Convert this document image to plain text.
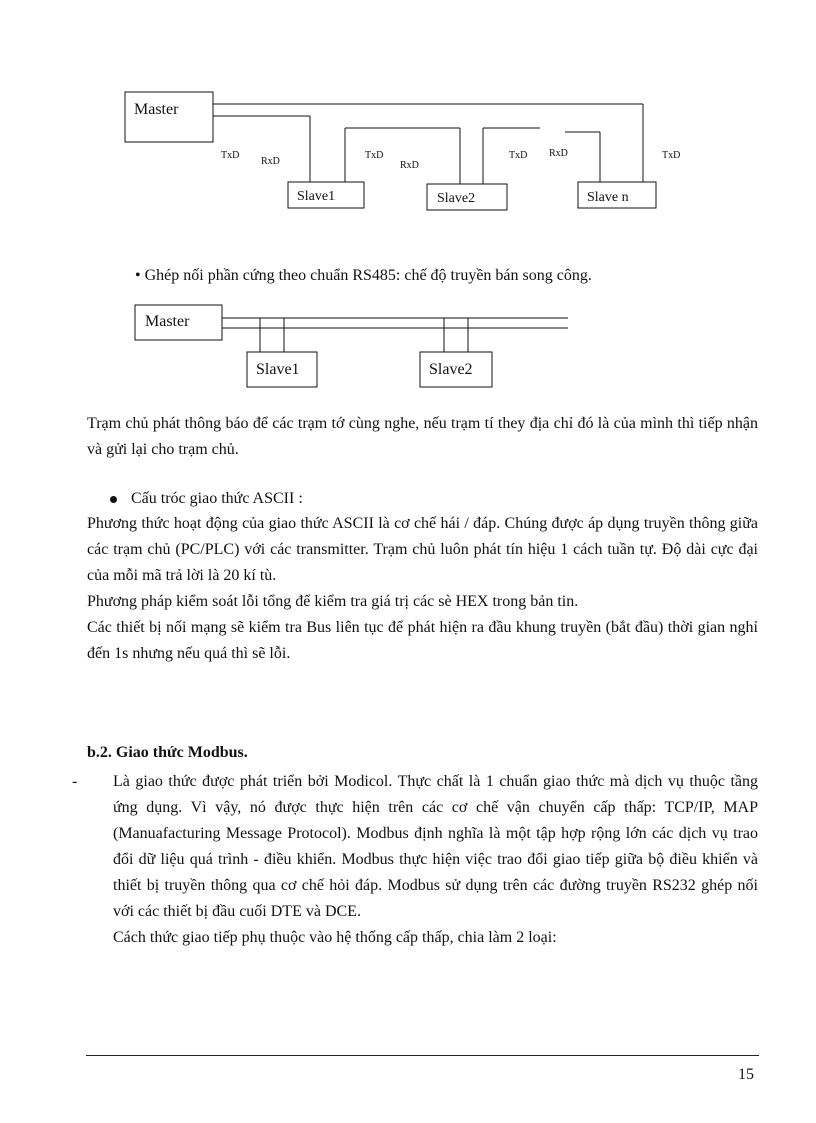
Master
Slave1	Slave2	Slave n
TxD
RxD
TxD
RxD
TxD RxD	TxD
• Ghép nối phần cứng theo chuẩn RS485: chế độ truyền bán song công.
Master
Slave1	Slave2

Trạm chủ phát thông báo để các trạm tớ cùng nghe, nếu trạm tí they địa chỉ đó là của mình thì tiếp nhận và gửi lại cho trạm chủ.

Cấu tróc giao thức ASCII :

Phương thức hoạt động của giao thức ASCII là cơ chế hái / đáp. Chúng được áp dụng truyền thông giữa các trạm chủ (PC/PLC) với các transmitter. Trạm chủ luôn phát tín hiệu 1 cách tuần tự. Độ dài cực đại của mỗi mã trả lời là 20 kí tù.

Phương pháp kiểm soát lỗi tổng để kiểm tra giá trị các sè HEX trong bản tin.

Các thiết bị nối mạng sẽ kiểm tra Bus liên tục để phát hiện ra đầu khung truyền (bắt đầu) thời gian nghỉ đến 1s nhưng nếu quá thì sẽ lỗi.

b.2. Giao thức Modbus.
- Là giao thức được phát triển bởi Modicol. Thực chất là 1 chuẩn giao thức mà dịch vụ thuộc tầng ứng dụng. Vì vậy, nó được thực hiện trên các cơ chế vận chuyển cấp thấp: TCP/IP, MAP (Manuafacturing Message Protocol). Modbus định nghĩa là một tập hợp rộng lớn các dịch vụ trao đổi dữ liệu quá trình - điều khiển. Modbus thực hiện việc trao đổi giao tiếp giữa bộ điều khiển và thiết bị truyền thông qua cơ chế hỏi đáp. Modbus sử dụng trên các đường truyền RS232 ghép nối với các thiết bị đầu cuối DTE và DCE.

Cách thức giao tiếp phụ thuộc vào hệ thống cấp thấp, chia làm 2 loại:

15
